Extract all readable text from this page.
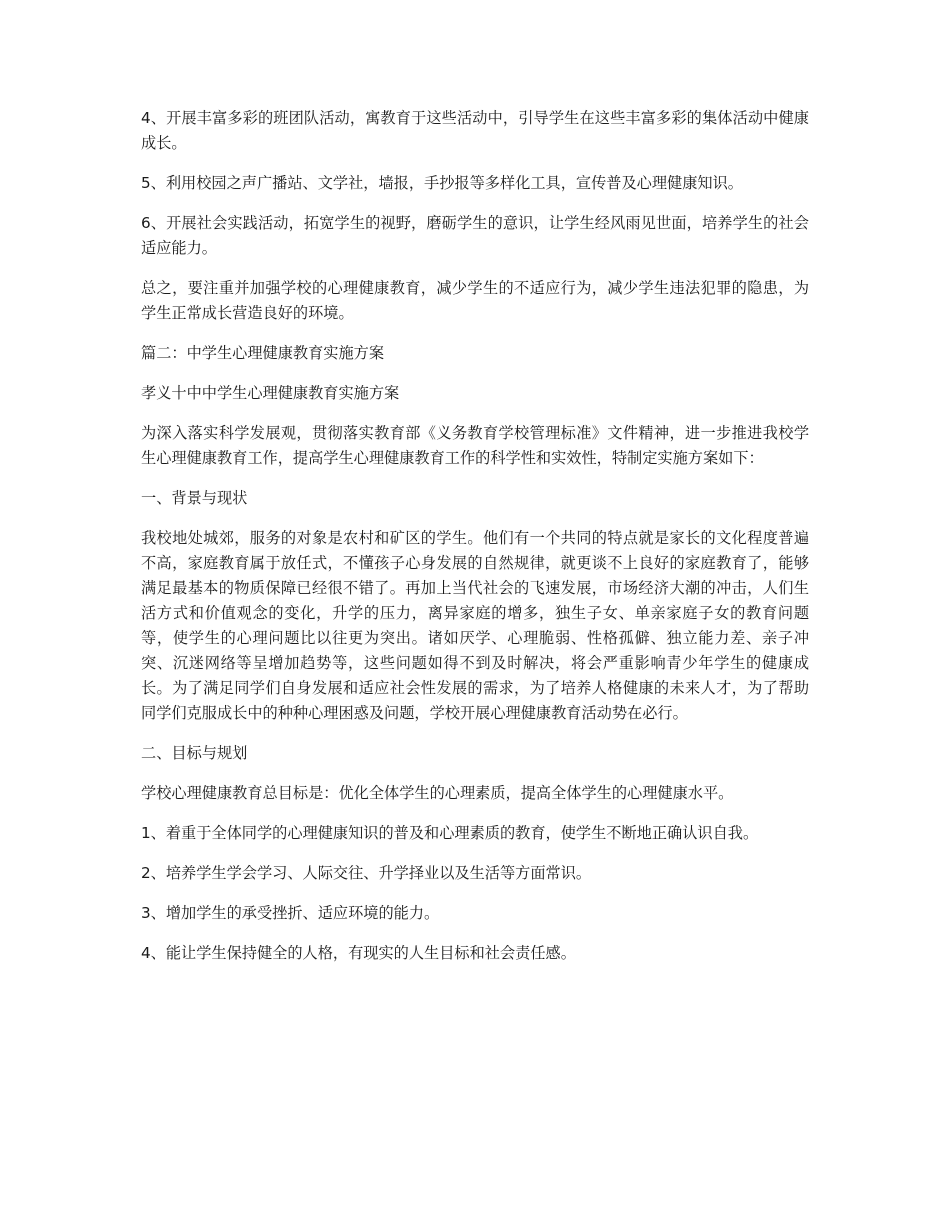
4、开展丰富多彩的班团队活动，寓教育于这些活动中，引导学生在这些丰富多彩的集体活动中健康成长。

5、利用校园之声广播站、文学社，墙报，手抄报等多样化工具，宣传普及心理健康知识。

6、开展社会实践活动，拓宽学生的视野，磨砺学生的意识，让学生经风雨见世面，培养学生的社会适应能力。

总之，要注重并加强学校的心理健康教育，减少学生的不适应行为，减少学生违法犯罪的隐患，为学生正常成长营造良好的环境。

篇二：中学生心理健康教育实施方案

孝义十中中学生心理健康教育实施方案

为深入落实科学发展观，贯彻落实教育部《义务教育学校管理标准》文件精神，进一步推进我校学生心理健康教育工作，提高学生心理健康教育工作的科学性和实效性，特制定实施方案如下：

一、背景与现状

我校地处城郊，服务的对象是农村和矿区的学生。他们有一个共同的特点就是家长的文化程度普遍不高，家庭教育属于放任式，不懂孩子心身发展的自然规律，就更谈不上良好的家庭教育了，能够满足最基本的物质保障已经很不错了。再加上当代社会的飞速发展，市场经济大潮的冲击，人们生活方式和价值观念的变化，升学的压力，离异家庭的增多，独生子女、单亲家庭子女的教育问题等，使学生的心理问题比以往更为突出。诸如厌学、心理脆弱、性格孤僻、独立能力差、亲子冲突、沉迷网络等呈增加趋势等，这些问题如得不到及时解决，将会严重影响青少年学生的健康成长。为了满足同学们自身发展和适应社会性发展的需求，为了培养人格健康的未来人才，为了帮助同学们克服成长中的种种心理困惑及问题，学校开展心理健康教育活动势在必行。

二、目标与规划

学校心理健康教育总目标是：优化全体学生的心理素质，提高全体学生的心理健康水平。

1、着重于全体同学的心理健康知识的普及和心理素质的教育，使学生不断地正确认识自我。

2、培养学生学会学习、人际交往、升学择业以及生活等方面常识。

3、增加学生的承受挫折、适应环境的能力。

4、能让学生保持健全的人格，有现实的人生目标和社会责任感。
